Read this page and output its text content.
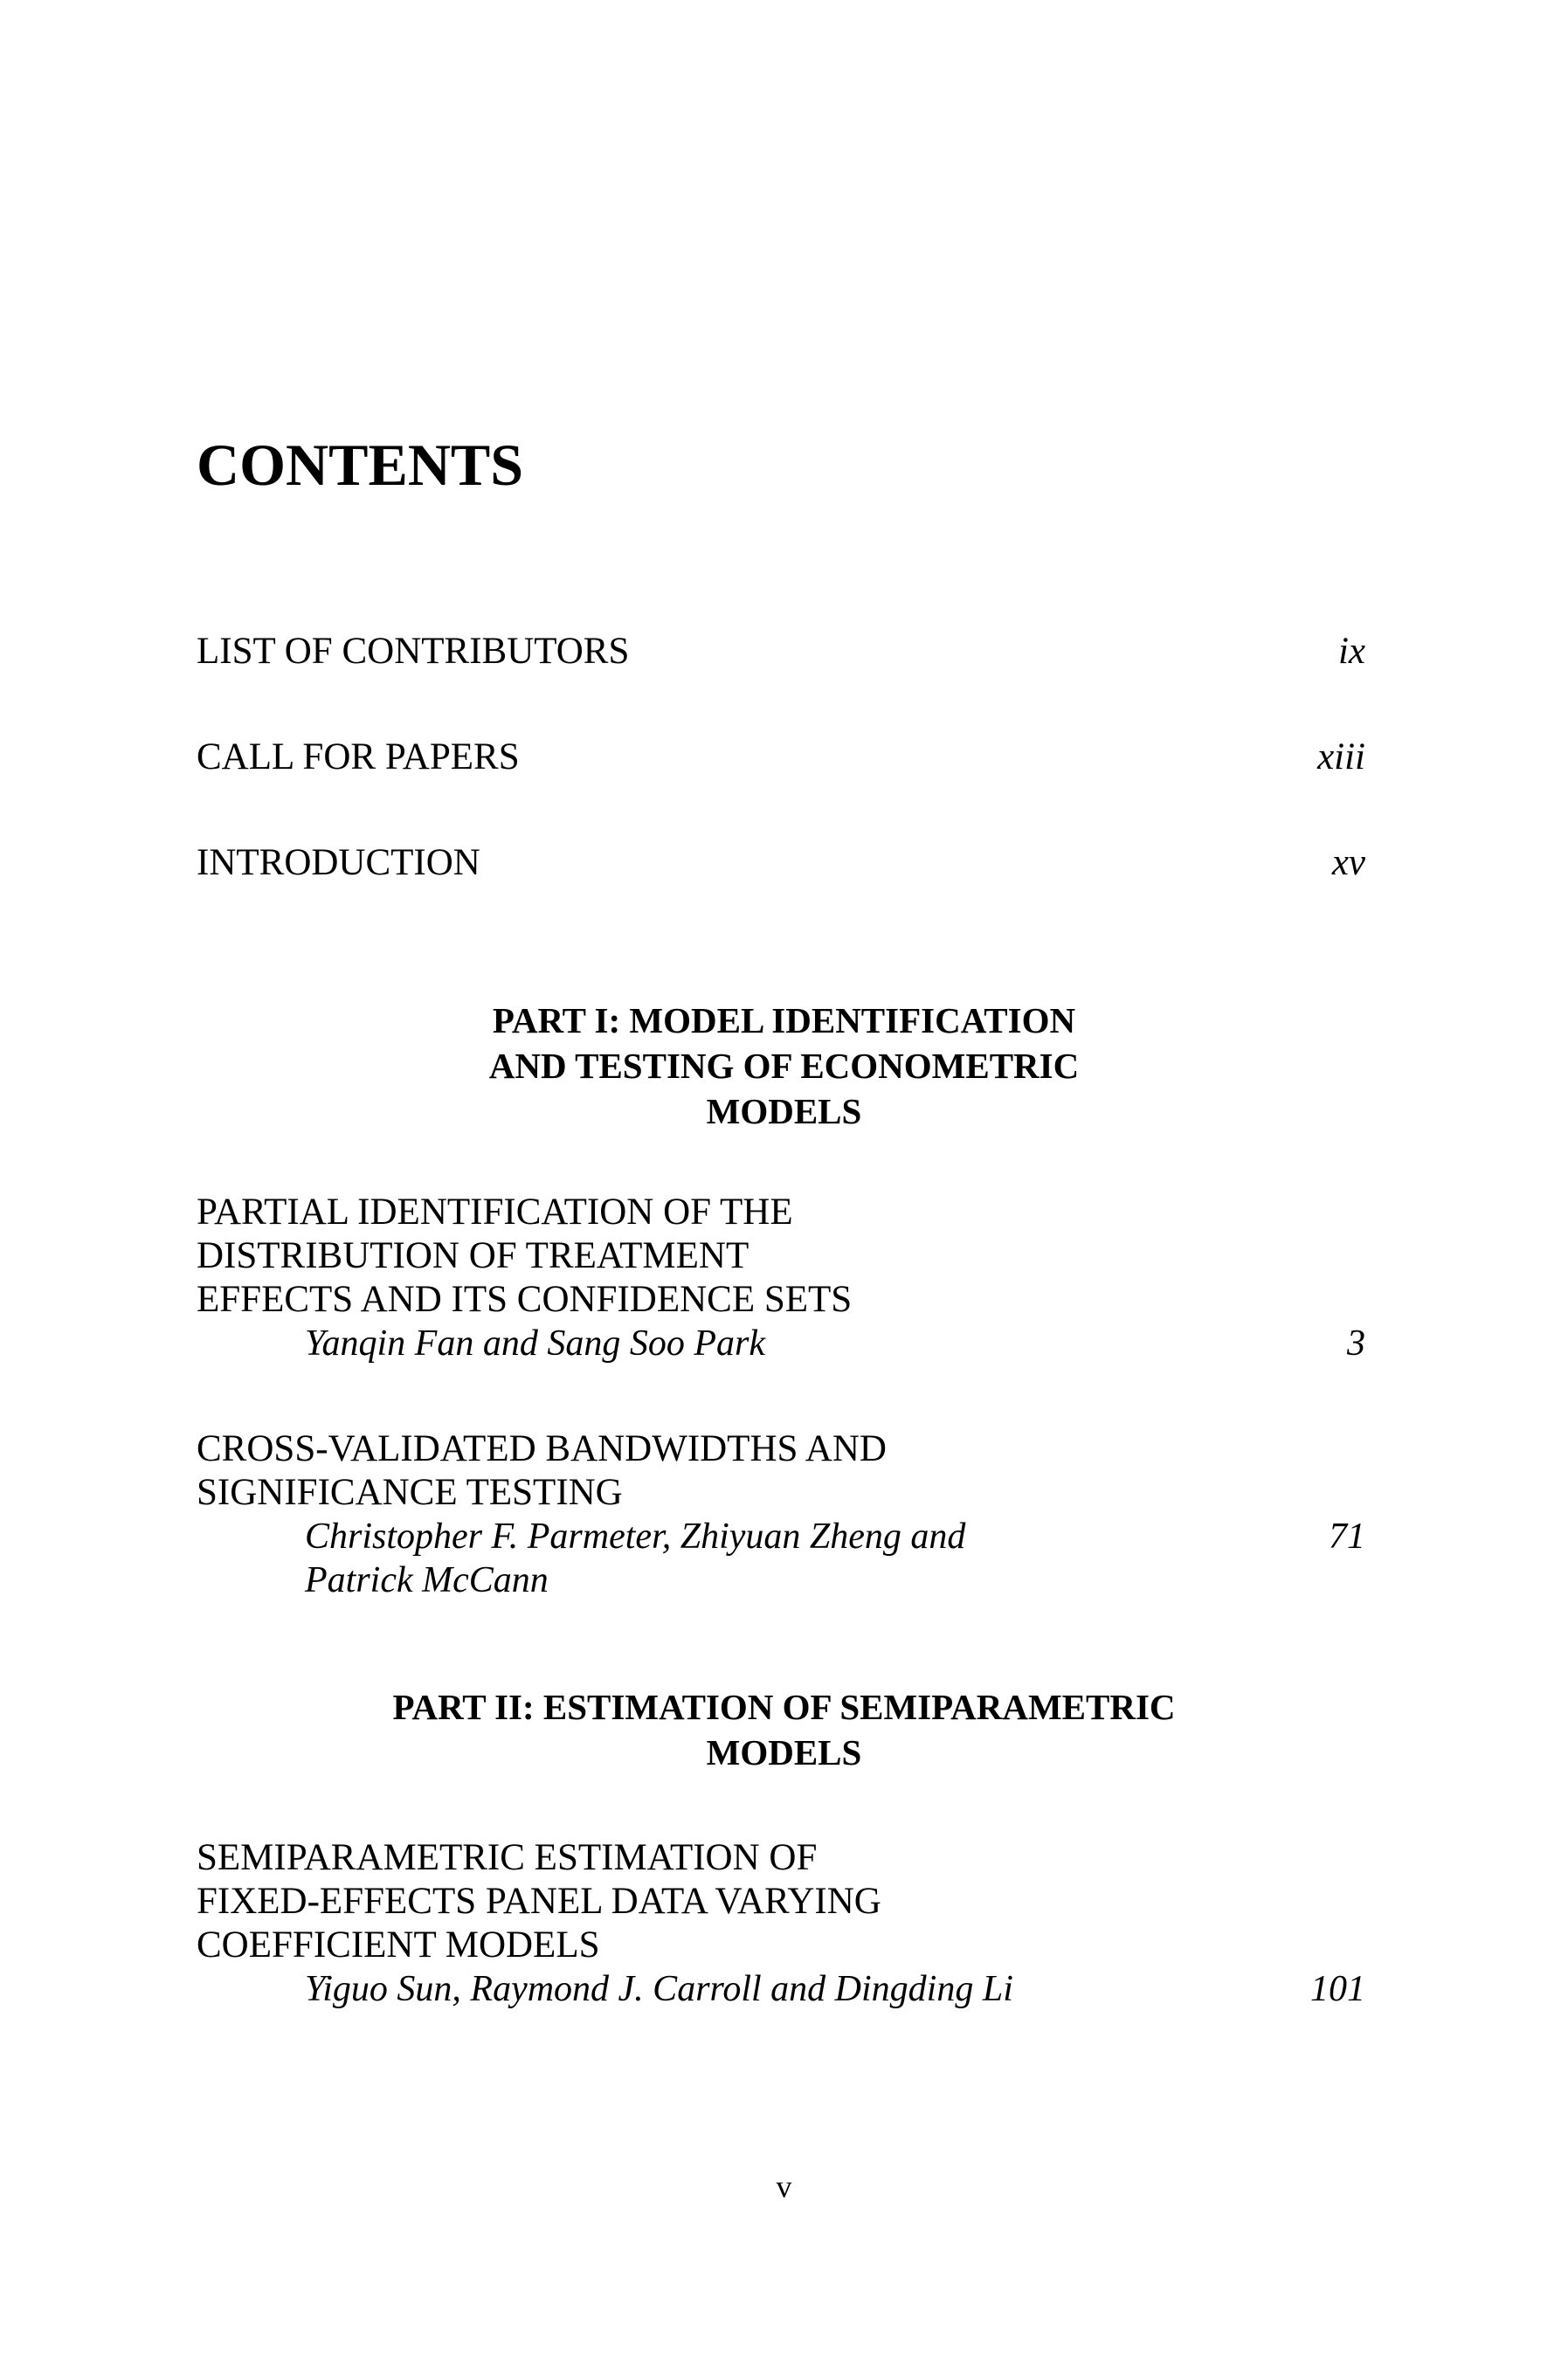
CONTENTS
LIST OF CONTRIBUTORS	ix
CALL FOR PAPERS	xiii
INTRODUCTION	xv
PART I: MODEL IDENTIFICATION
AND TESTING OF ECONOMETRIC
MODELS
PARTIAL IDENTIFICATION OF THE
DISTRIBUTION OF TREATMENT
EFFECTS AND ITS CONFIDENCE SETS
Yanqin Fan and Sang Soo Park	3
CROSS-VALIDATED BANDWIDTHS AND
SIGNIFICANCE TESTING
Christopher F. Parmeter, Zhiyuan Zheng and	71
Patrick McCann
PART II: ESTIMATION OF SEMIPARAMETRIC
MODELS
SEMIPARAMETRIC ESTIMATION OF
FIXED-EFFECTS PANEL DATA VARYING
COEFFICIENT MODELS
Yiguo Sun, Raymond J. Carroll and Dingding Li	101
v
